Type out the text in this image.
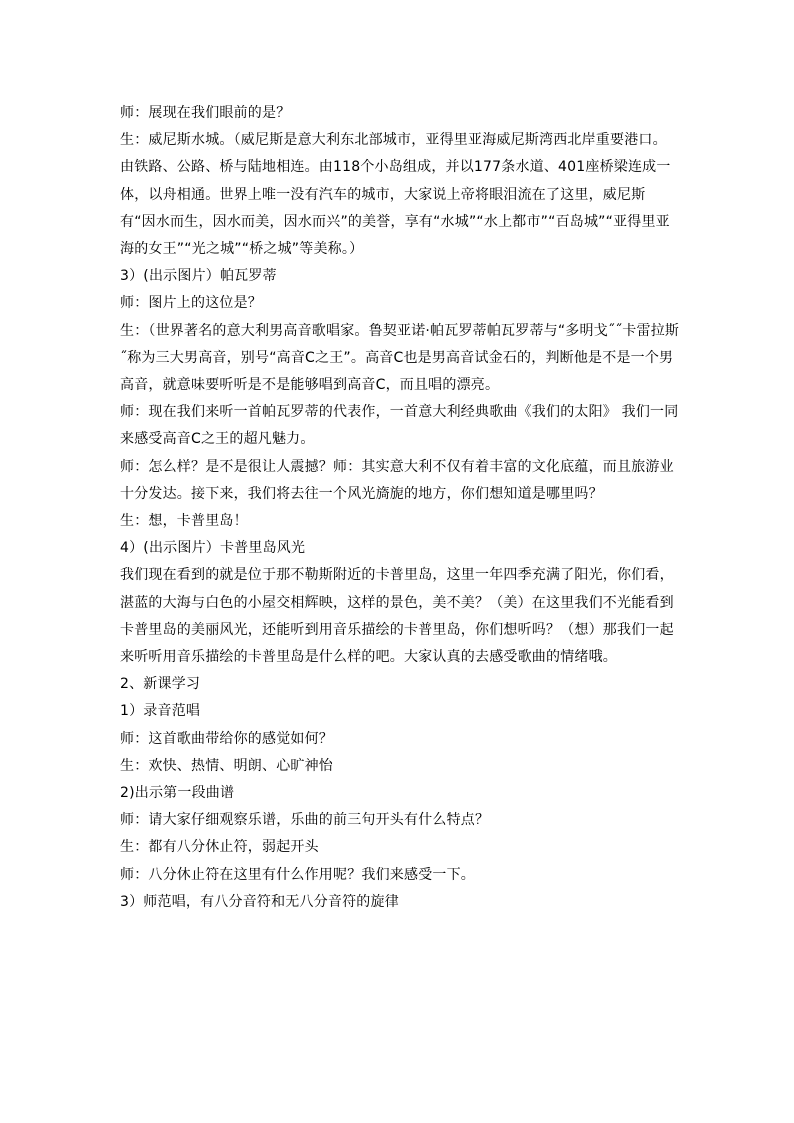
师：展现在我们眼前的是？

生：威尼斯水城。（威尼斯是意大利东北部城市，亚得里亚海威尼斯湾西北岸重要港口。由铁路、公路、桥与陆地相连。由118个小岛组成，并以177条水道、401座桥梁连成一体，以舟相通。世界上唯一没有汽车的城市，大家说上帝将眼泪流在了这里，威尼斯有“因水而生，因水而美，因水而兴”的美誉，享有“水城”“水上都市”“百岛城”“亚得里亚海的女王”“光之城”“桥之城”等美称。）

3）(出示图片）帕瓦罗蒂

师：图片上的这位是？

生：（世界著名的意大利男高音歌唱家。鲁契亚诺·帕瓦罗蒂帕瓦罗蒂与“多明戈˝˝卡雷拉斯˝称为三大男高音，别号“高音C之王”。高音C也是男高音试金石的，判断他是不是一个男高音，就意味要听听是不是能够唱到高音C，而且唱的漂亮。

师：现在我们来听一首帕瓦罗蒂的代表作，一首意大利经典歌曲《我们的太阳》 我们一同来感受高音C之王的超凡魅力。

师：怎么样？是不是很让人震撼？师：其实意大利不仅有着丰富的文化底蕴，而且旅游业十分发达。接下来，我们将去往一个风光旖旎的地方，你们想知道是哪里吗？

生：想，卡普里岛！

4）(出示图片）卡普里岛风光

我们现在看到的就是位于那不勒斯附近的卡普里岛，这里一年四季充满了阳光，你们看，湛蓝的大海与白色的小屋交相辉映，这样的景色，美不美？（美）在这里我们不光能看到卡普里岛的美丽风光，还能听到用音乐描绘的卡普里岛，你们想听吗？（想）那我们一起来听听用音乐描绘的卡普里岛是什么样的吧。大家认真的去感受歌曲的情绪哦。

2、新课学习

1）录音范唱

师：这首歌曲带给你的感觉如何？

生：欢快、热情、明朗、心旷神怡

2)出示第一段曲谱

师：请大家仔细观察乐谱，乐曲的前三句开头有什么特点？

生：都有八分休止符，弱起开头

师：八分休止符在这里有什么作用呢？我们来感受一下。

3）师范唱，有八分音符和无八分音符的旋律
